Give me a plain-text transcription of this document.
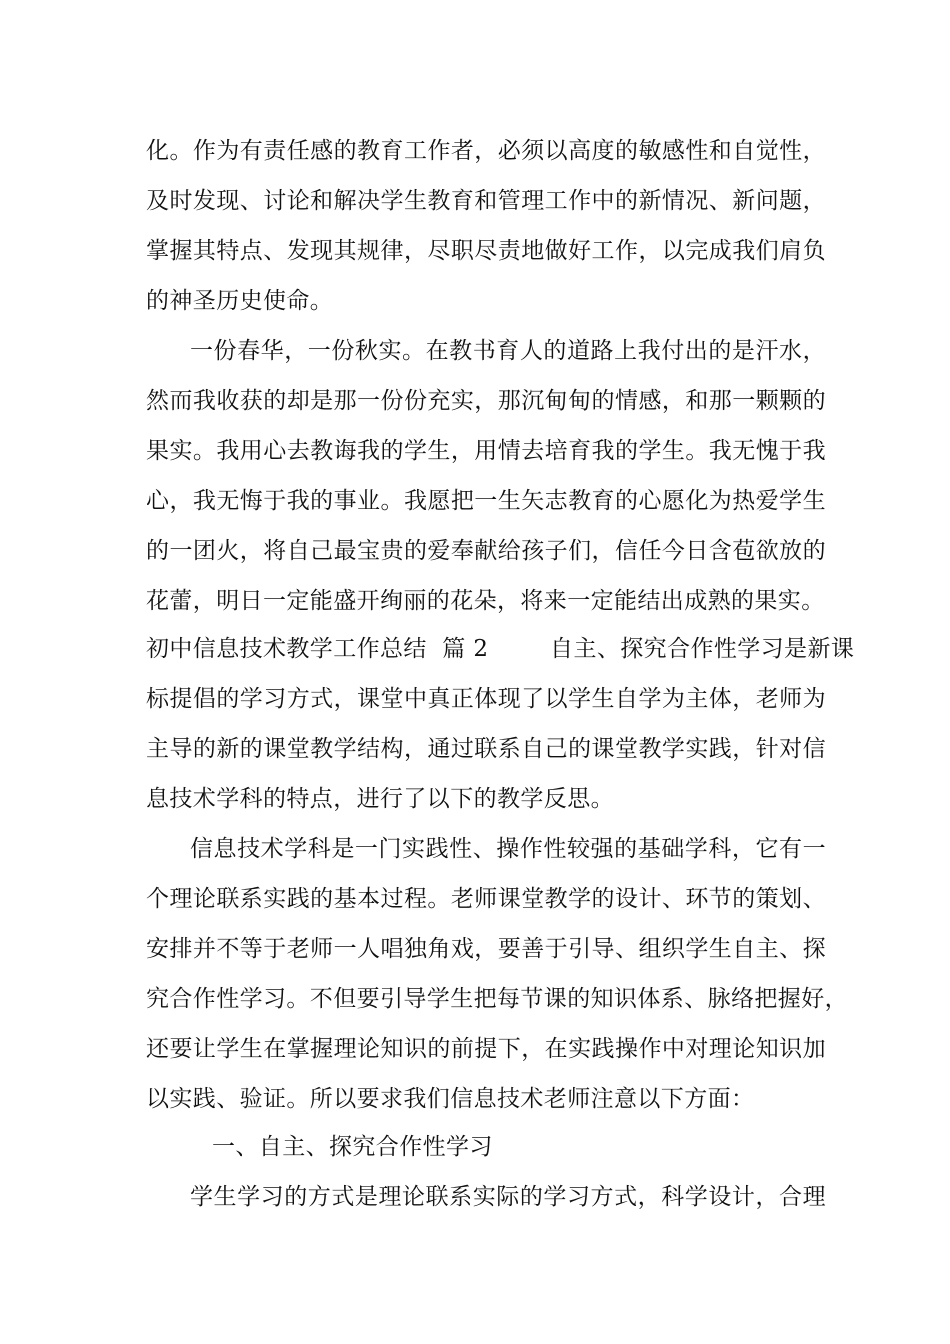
化。作为有责任感的教育工作者，必须以高度的敏感性和自觉性，
及时发现、讨论和解决学生教育和管理工作中的新情况、新问题，
掌握其特点、发现其规律，尽职尽责地做好工作，以完成我们肩负
的神圣历史使命。
一份春华，一份秋实。在教书育人的道路上我付出的是汗水，
然而我收获的却是那一份份充实，那沉甸甸的情感，和那一颗颗的
果实。我用心去教诲我的学生，用情去培育我的学生。我无愧于我
心，我无悔于我的事业。我愿把一生矢志教育的心愿化为热爱学生
的一团火，将自己最宝贵的爱奉献给孩子们，信任今日含苞欲放的
花蕾，明日一定能盛开绚丽的花朵，将来一定能结出成熟的果实。
初中信息技术教学工作总结  篇 2        自主、探究合作性学习是新课
标提倡的学习方式，课堂中真正体现了以学生自学为主体，老师为
主导的新的课堂教学结构，通过联系自己的课堂教学实践，针对信
息技术学科的特点，进行了以下的教学反思。
信息技术学科是一门实践性、操作性较强的基础学科，它有一
个理论联系实践的基本过程。老师课堂教学的设计、环节的策划、
安排并不等于老师一人唱独角戏，要善于引导、组织学生自主、探
究合作性学习。不但要引导学生把每节课的知识体系、脉络把握好，
还要让学生在掌握理论知识的前提下，在实践操作中对理论知识加
以实践、验证。所以要求我们信息技术老师注意以下方面：
一、自主、探究合作性学习
学生学习的方式是理论联系实际的学习方式，科学设计，合理
